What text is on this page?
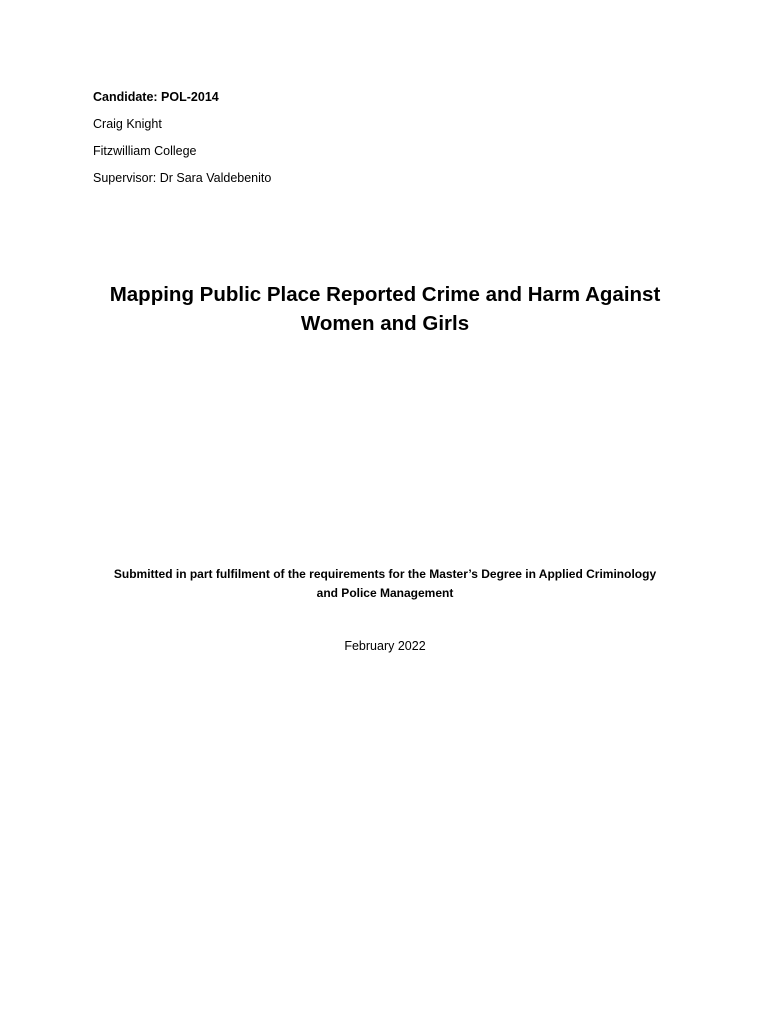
Candidate: POL-2014
Craig Knight
Fitzwilliam College
Supervisor: Dr Sara Valdebenito
Mapping Public Place Reported Crime and Harm Against
Women and Girls
Submitted in part fulfilment of the requirements for the Master’s Degree in Applied Criminology
and Police Management
February 2022
